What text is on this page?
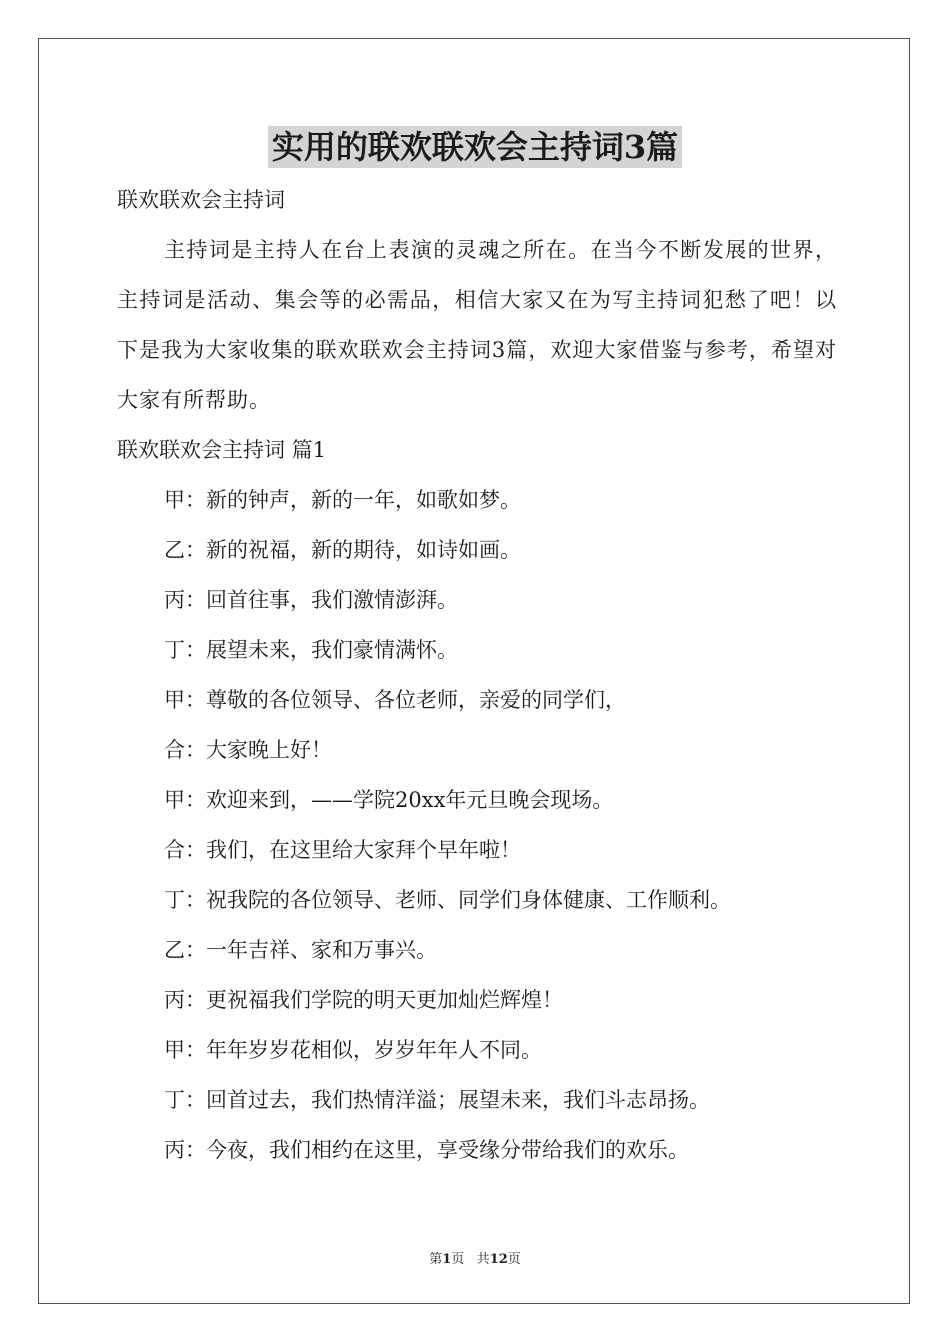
实用的联欢联欢会主持词3篇
联欢联欢会主持词
主持词是主持人在台上表演的灵魂之所在。在当今不断发展的世界，主持词是活动、集会等的必需品，相信大家又在为写主持词犯愁了吧！以下是我为大家收集的联欢联欢会主持词3篇，欢迎大家借鉴与参考，希望对大家有所帮助。
联欢联欢会主持词 篇1
甲：新的钟声，新的一年，如歌如梦。
乙：新的祝福，新的期待，如诗如画。
丙：回首往事，我们激情澎湃。
丁：展望未来，我们豪情满怀。
甲：尊敬的各位领导、各位老师，亲爱的同学们，
合：大家晚上好！
甲：欢迎来到，——学院20xx年元旦晚会现场。
合：我们，在这里给大家拜个早年啦！
丁：祝我院的各位领导、老师、同学们身体健康、工作顺利。
乙：一年吉祥、家和万事兴。
丙：更祝福我们学院的明天更加灿烂辉煌！
甲：年年岁岁花相似，岁岁年年人不同。
丁：回首过去，我们热情洋溢；展望未来，我们斗志昂扬。
丙：今夜，我们相约在这里，享受缘分带给我们的欢乐。
第1页 共12页
